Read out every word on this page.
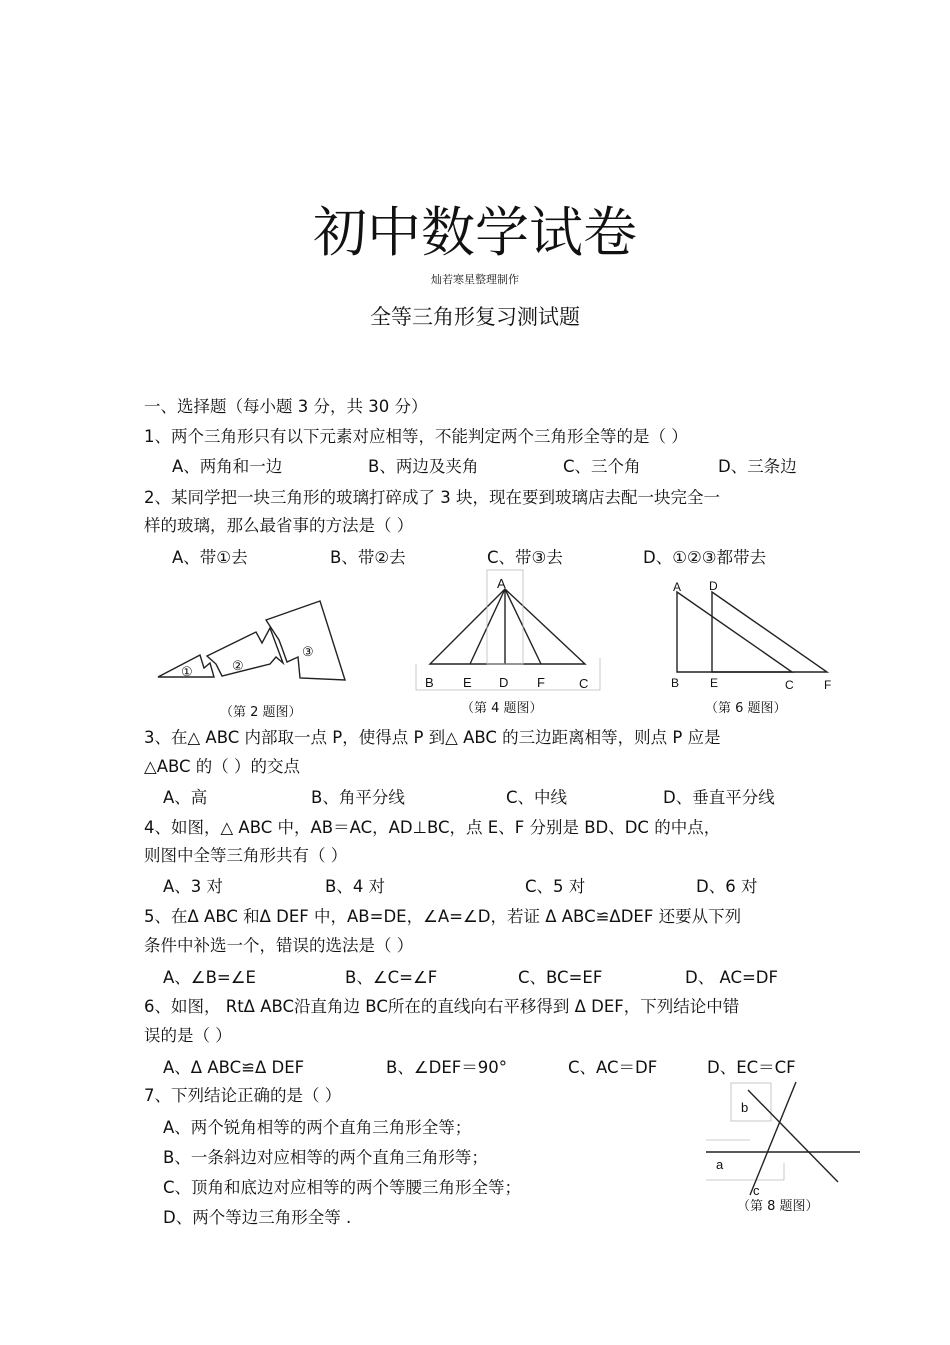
初中数学试卷
灿若寒星整理制作
全等三角形复习测试题
一、选择题（每小题 3 分，共 30 分）
1、两个三角形只有以下元素对应相等，不能判定两个三角形全等的是（ ）
A、两角和一边	B、两边及夹角	C、三个角	D、三条边
2、某同学把一块三角形的玻璃打碎成了 3 块，现在要到玻璃店去配一块完全一
样的玻璃，那么最省事的方法是（ ）
A、带①去	B、带②去	C、带③去	D、①②③都带去
①	②
③
A
B E D F	C
A D
B	E	C	F
b
a
c
（第 2 题图）	（第 4 题图）	（第 6 题图）
（第 8 题图）
3、在△ ABC 内部取一点 P，使得点 P 到△ ABC 的三边距离相等，则点 P 应是
△ABC 的（ ）的交点
A、高	B、角平分线	C、中线	D、垂直平分线
4、如图，△ ABC 中，AB＝AC，AD⊥BC，点 E、F 分别是 BD、DC 的中点，
则图中全等三角形共有（ ）
A、3 对	B、4 对	C、5 对	D、6 对
5、在Δ ABC 和Δ DEF 中，AB=DE，∠A=∠D，若证 Δ ABC≌ΔDEF 还要从下列
条件中补选一个，错误的选法是（ ）
A、∠B=∠E	B、∠C=∠F	C、BC=EF	D、 AC=DF
6、如图， RtΔ ABC沿直角边 BC所在的直线向右平移得到 Δ DEF，下列结论中错
误的是（ ）
A、Δ ABC≌Δ DEF	B、∠DEF＝90°	C、AC＝DF	D、EC＝CF
7、下列结论正确的是（ ）
A、两个锐角相等的两个直角三角形全等；
B、一条斜边对应相等的两个直角三角形等；
C、顶角和底边对应相等的两个等腰三角形全等；
D、两个等边三角形全等 .
